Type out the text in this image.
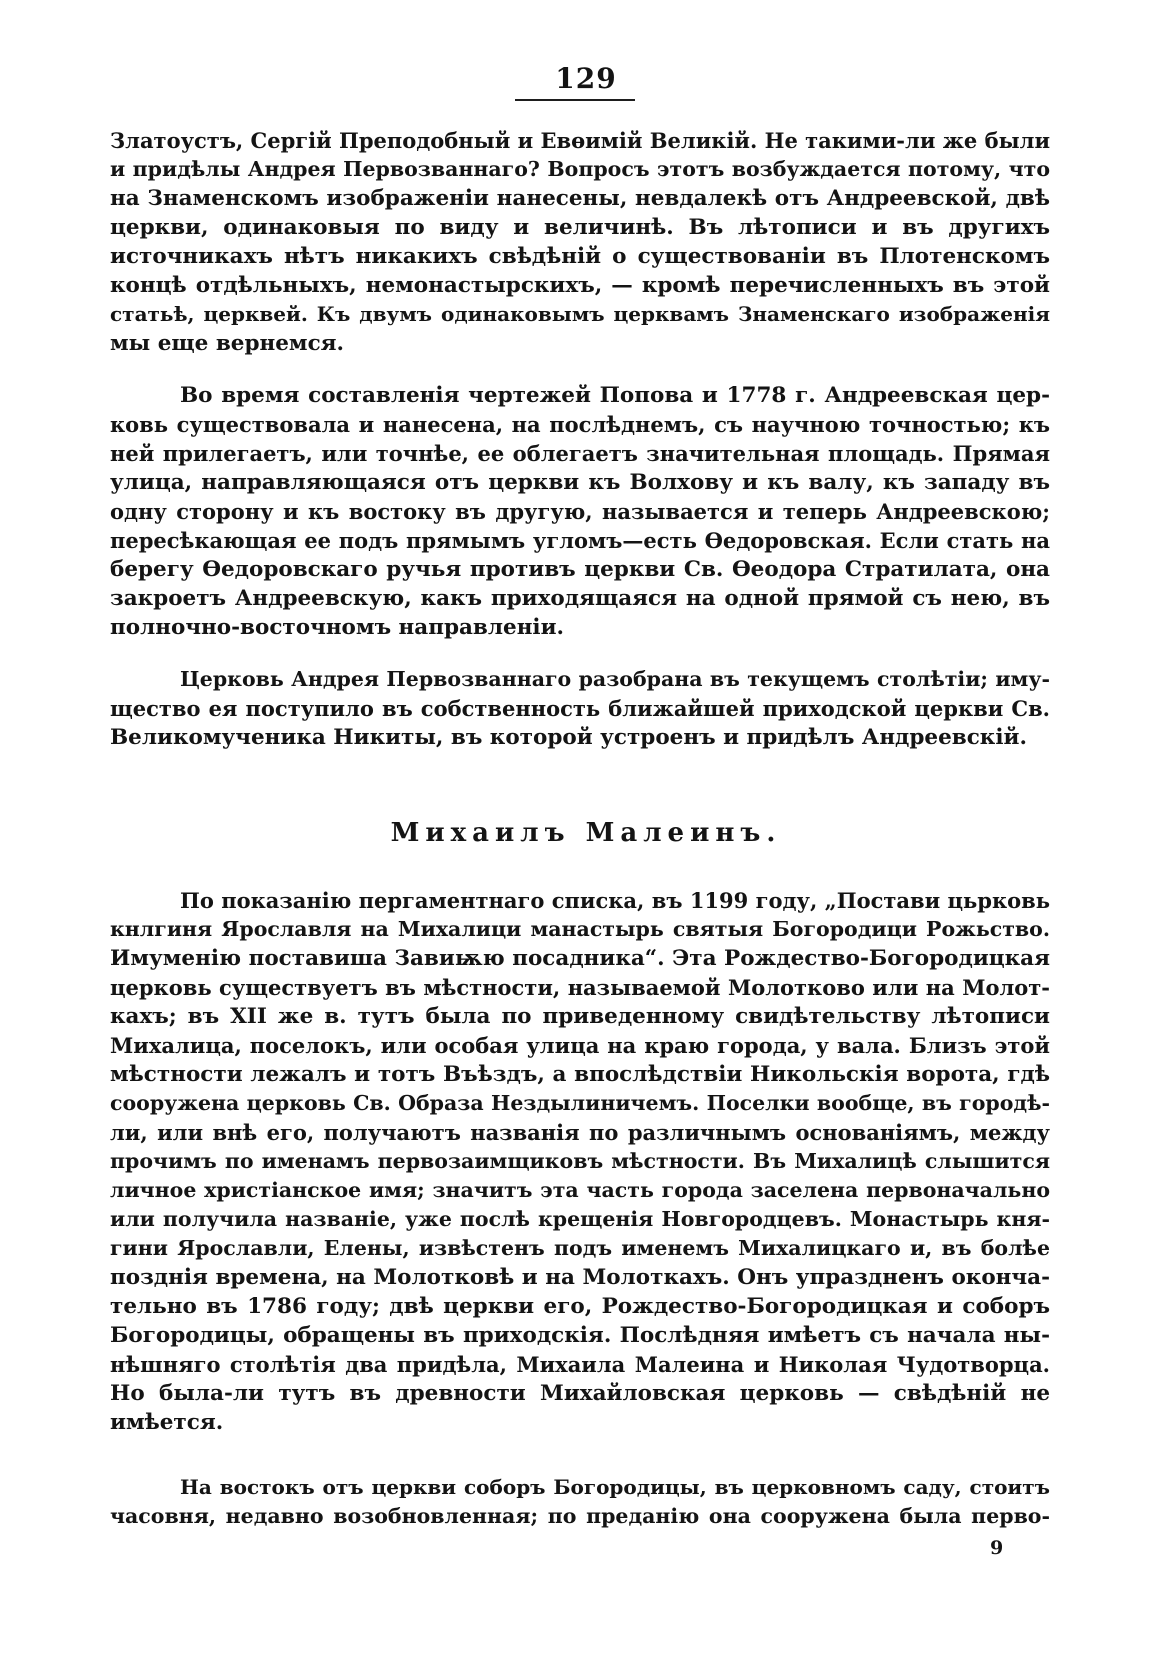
129
Златоустъ, Сергій Преподобный и Евөимій Великій. Не такими-ли же были
и придѣлы Андрея Первозваннаго? Вопросъ этотъ возбуждается потому, что
на Знаменскомъ изображеніи нанесены, невдалекѣ отъ Андреевской, двѣ
церкви, одинаковыя по виду и величинѣ. Въ лѣтописи и въ другихъ
источникахъ нѣтъ никакихъ свѣдѣній о существованіи въ Плотенскомъ
концѣ отдѣльныхъ, немонастырскихъ, — кромѣ перечисленныхъ въ этой
статьѣ, церквей. Къ двумъ одинаковымъ церквамъ Знаменскаго изображенія
мы еще вернемся.
Во время составленія чертежей Попова и 1778 г. Андреевская цер-
ковь существовала и нанесена, на послѣднемъ, съ научною точностью; къ
ней прилегаетъ, или точнѣе, ее облегаетъ значительная площадь. Прямая
улица, направляющаяся отъ церкви къ Волхову и къ валу, къ западу въ
одну сторону и къ востоку въ другую, называется и теперь Андреевскою;
пересѣкающая ее подъ прямымъ угломъ—есть Өедоровская. Если стать на
берегу Өедоровскаго ручья противъ церкви Св. Өеодора Стратилата, она
закроетъ Андреевскую, какъ приходящаяся на одной прямой съ нею, въ
полночно-восточномъ направленіи.
Церковь Андрея Первозваннаго разобрана въ текущемъ столѣтіи; иму-
щество ея поступило въ собственность ближайшей приходской церкви Св.
Великомученика Никиты, въ которой устроенъ и придѣлъ Андреевскій.
Михаилъ Малеинъ.
По показанію пергаментнаго списка, въ 1199 году, „Постави цьрковь
кнлгиня Ярославля на Михалици манастырь святыя Богородици Рожьство.
Имуменію поставиша Завиѭю посадника“. Эта Рождество-Богородицкая
церковь существуетъ въ мѣстности, называемой Молотково или на Молот-
кахъ; въ XII же в. тутъ была по приведенному свидѣтельству лѣтописи
Михалица, поселокъ, или особая улица на краю города, у вала. Близъ этой
мѣстности лежалъ и тотъ Въѣздъ, а впослѣдствіи Никольскія ворота, гдѣ
сооружена церковь Св. Образа Нездылиничемъ. Поселки вообще, въ городѣ-
ли, или внѣ его, получаютъ названія по различнымъ основаніямъ, между
прочимъ по именамъ первозаимщиковъ мѣстности. Въ Михалицѣ слышится
личное христіанское имя; значитъ эта часть города заселена первоначально
или получила названіе, уже послѣ крещенія Новгородцевъ. Монастырь кня-
гини Ярославли, Елены, извѣстенъ подъ именемъ Михалицкаго и, въ болѣе
позднія времена, на Молотковѣ и на Молоткахъ. Онъ упраздненъ оконча-
тельно въ 1786 году; двѣ церкви его, Рождество-Богородицкая и соборъ
Богородицы, обращены въ приходскія. Послѣдняя имѣетъ съ начала ны-
нѣшняго столѣтія два придѣла, Михаила Малеина и Николая Чудотворца.
Но была-ли тутъ въ древности Михайловская церковь — свѣдѣній не
имѣется.
На востокъ отъ церкви соборъ Богородицы, въ церковномъ саду, стоитъ
часовня, недавно возобновленная; по преданію она сооружена была перво-
9
